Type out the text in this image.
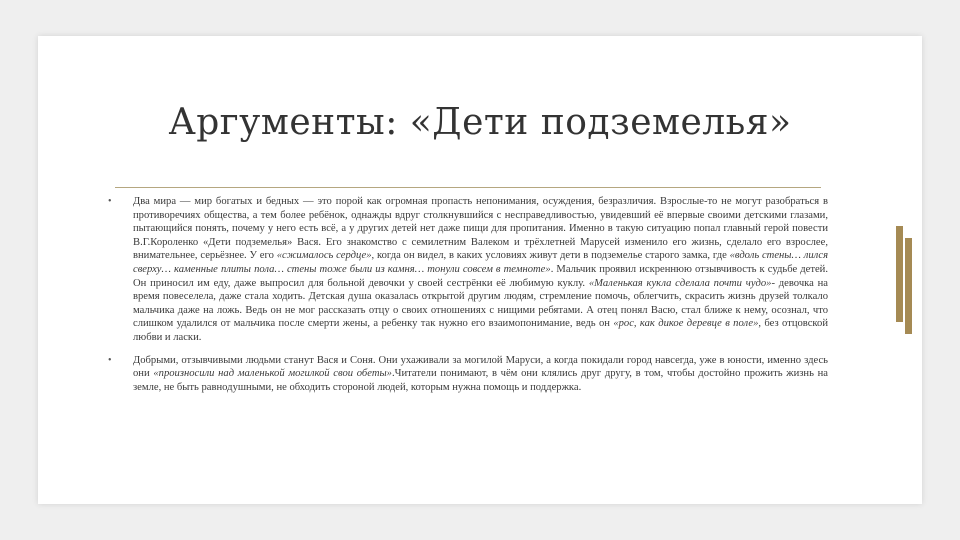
Аргументы: «Дети подземелья»
• Два мира — мир богатых и бедных — это порой как огромная пропасть непонимания, осуждения, безразличия. Взрослые-то не могут разобраться в противоречиях общества, а тем более ребёнок, однажды вдруг столкнувшийся с несправедливостью, увидевший её впервые своими детскими глазами, пытающийся понять, почему у него есть всё, а у других детей нет даже пищи для пропитания. Именно в такую ситуацию попал главный герой повести В.Г.Короленко «Дети подземелья» Вася. Его знакомство с семилетним Валеком и трёхлетней Марусей изменило его жизнь, сделало его взрослее, внимательнее, серьёзнее. У его «сжималось сердце», когда он видел, в каких условиях живут дети в подземелье старого замка, где «вдоль стены… лился сверху… каменные плиты пола… стены тоже были из камня… тонули совсем в темноте». Мальчик проявил искреннюю отзывчивость к судьбе детей. Он приносил им еду, даже выпросил для больной девочки у своей сестрёнки её любимую куклу. «Маленькая кукла сделала почти чудо»- девочка на время повеселела, даже стала ходить. Детская душа оказалась открытой другим людям, стремление помочь, облегчить, скрасить жизнь друзей толкало мальчика даже на ложь. Ведь он не мог рассказать отцу о своих отношениях с нищими ребятами. А отец понял Васю, стал ближе к нему, осознал, что слишком удалился от мальчика после смерти жены, а ребенку так нужно его взаимопонимание, ведь он «рос, как дикое деревце в поле», без отцовской любви и ласки.
• Добрыми, отзывчивыми людьми станут Вася и Соня. Они ухаживали за могилой Маруси, а когда покидали город навсегда, уже в юности, именно здесь они «произносили над маленькой могилкой свои обеты».Читатели понимают, в чём они клялись друг другу, в том, чтобы достойно прожить жизнь на земле, не быть равнодушными, не обходить стороной людей, которым нужна помощь и поддержка.
